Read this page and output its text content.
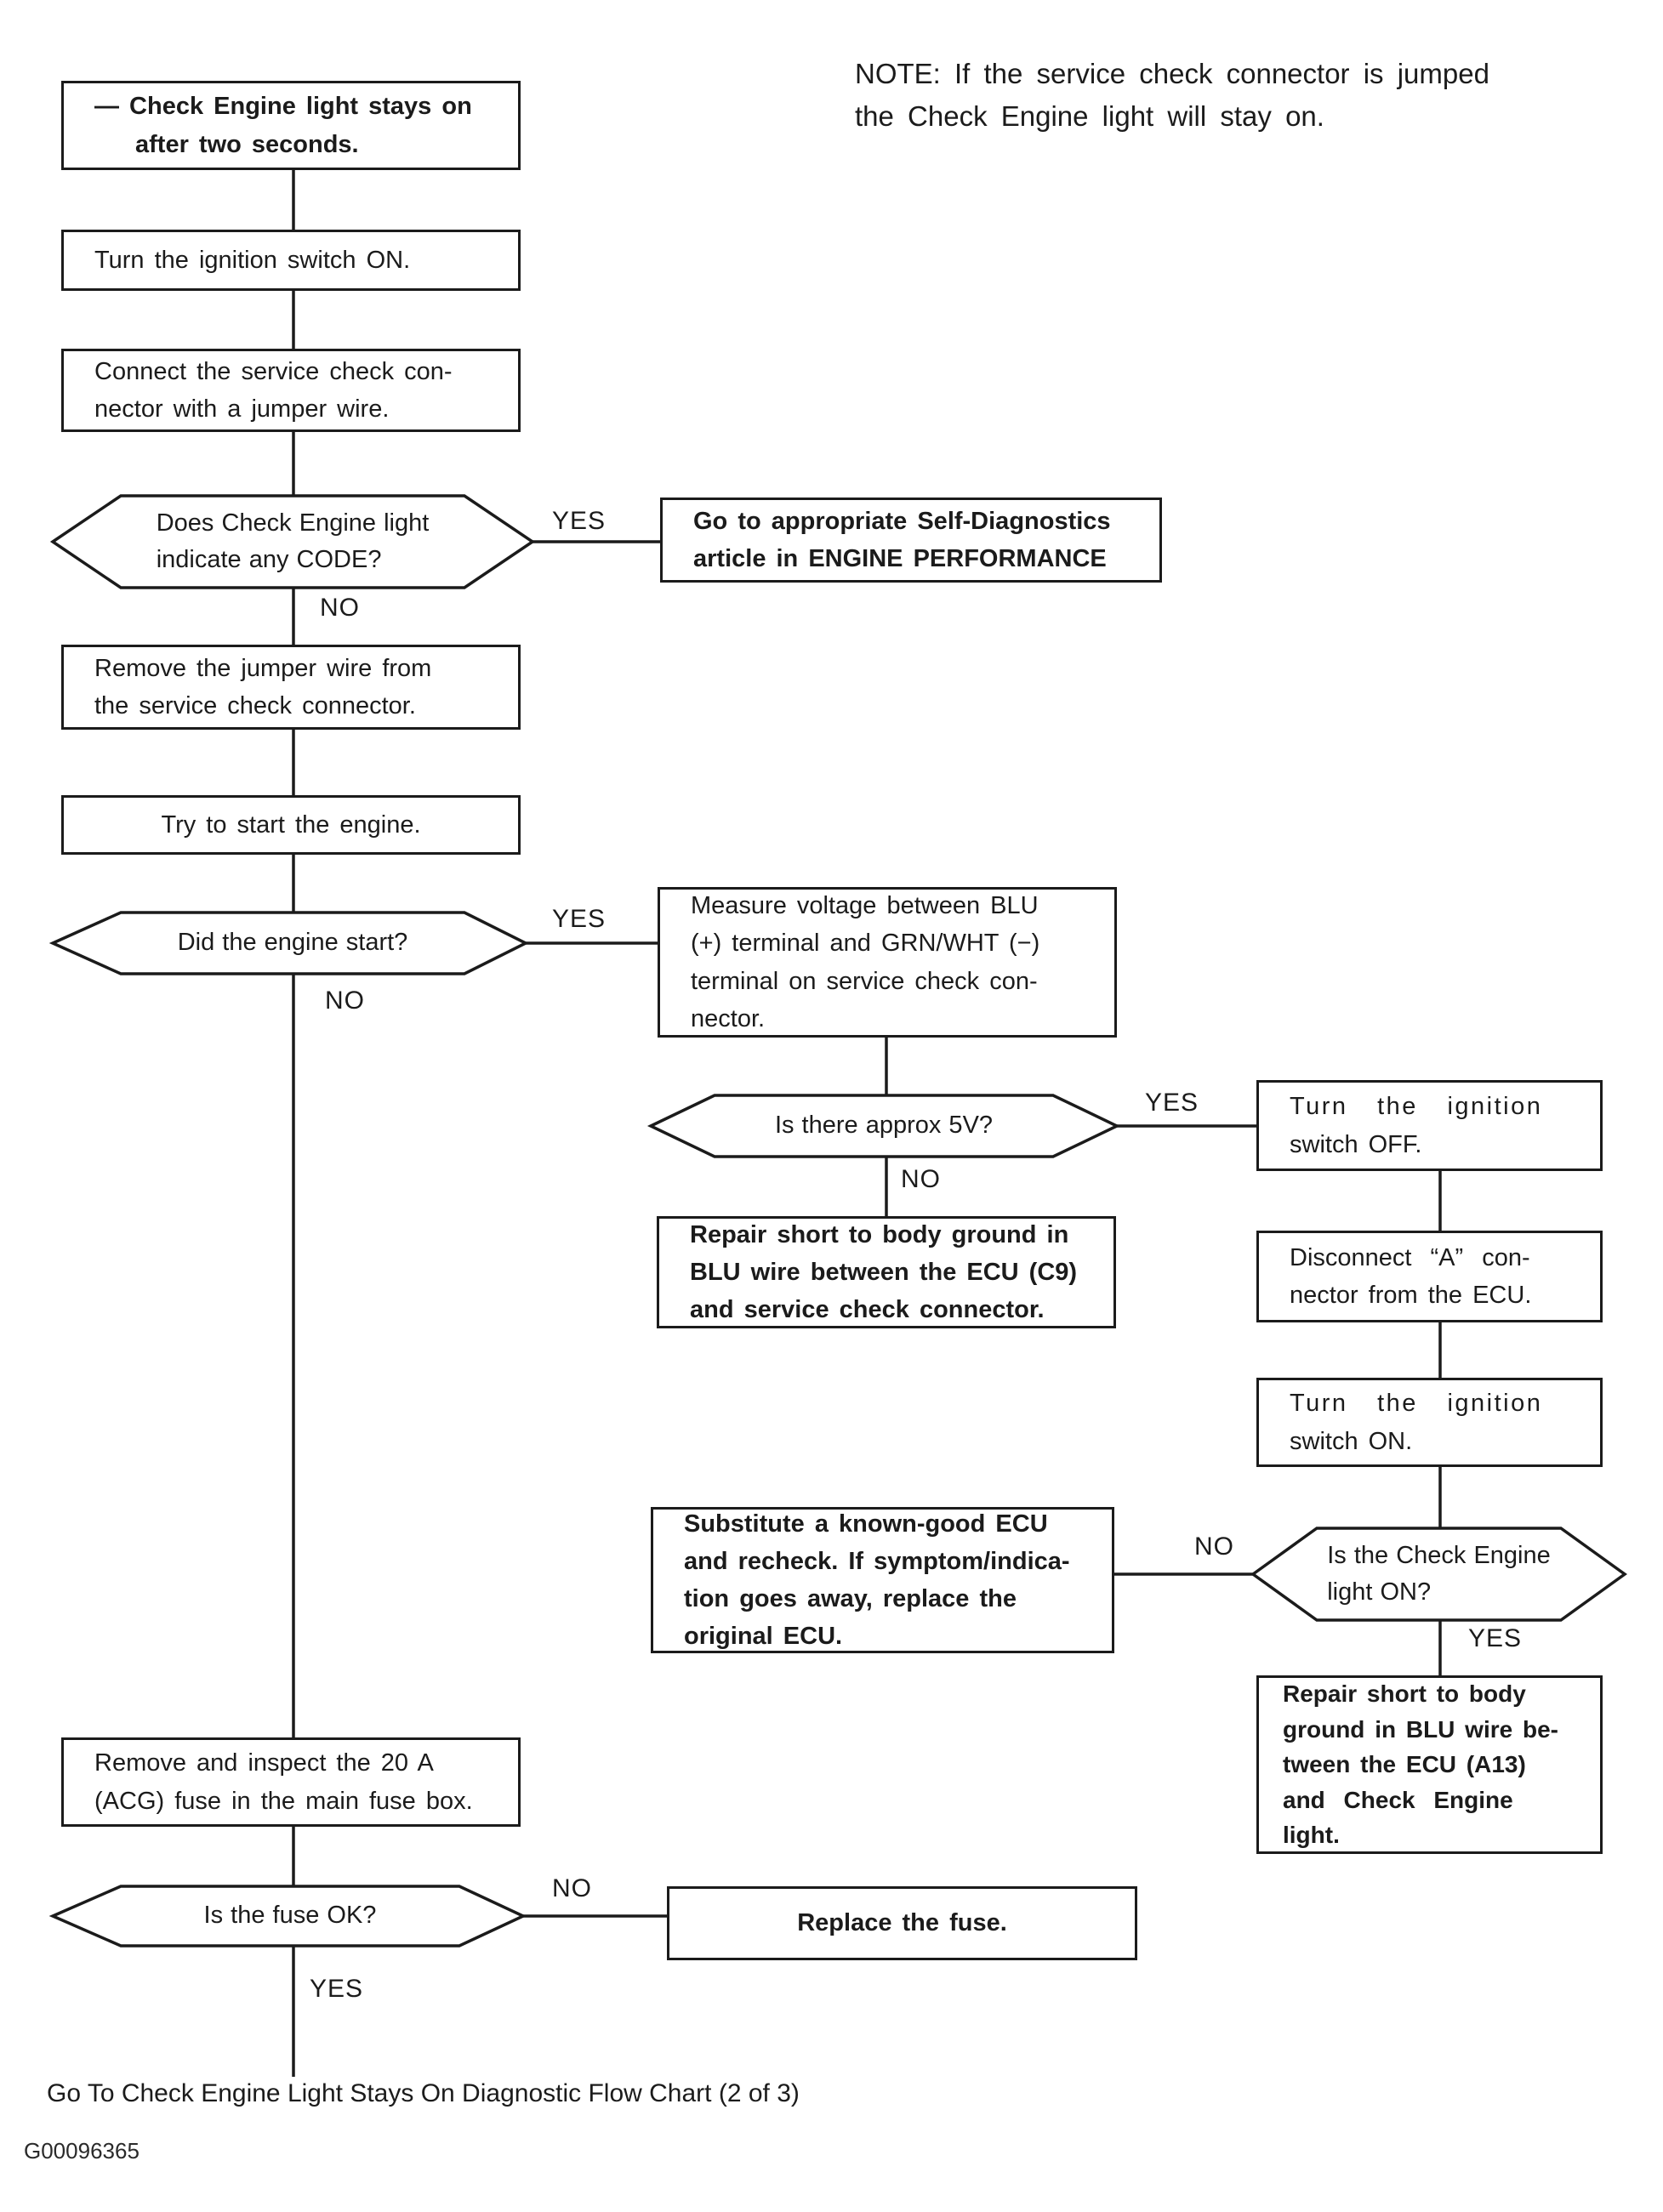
NOTE: If the service check connector is jumped
the Check Engine light will stay on.
— Check Engine light stays on
after two seconds.
Turn the ignition switch ON.
Connect the service check con-
nector with a jumper wire.
Does Check Engine light
indicate any CODE?
Go to appropriate Self-Diagnostics
article in ENGINE PERFORMANCE
Remove the jumper wire from
the service check connector.
Try to start the engine.
Did the engine start?
Measure voltage between BLU
(+) terminal and GRN/WHT (−)
terminal on service check con-
nector.
Is there approx 5V?
Repair short to body ground in
BLU wire between the ECU (C9)
and service check connector.
Substitute a known-good ECU
and recheck. If symptom/indica-
tion goes away, replace the
original ECU.
Turn the ignition
switch OFF.
Disconnect “A” con-
nector from the ECU.
Turn the ignition
switch ON.
Is the Check Engine
light ON?
Repair short to body
ground in BLU wire be-
tween the ECU (A13)
and Check Engine
light.
Remove and inspect the 20 A
(ACG) fuse in the main fuse box.
Is the fuse OK?	Replace the fuse.
YES
NO
YES
NO
YES
NO
NO
YES
NO
YES
Go To Check Engine Light Stays On Diagnostic Flow Chart (2 of 3)
G00096365
